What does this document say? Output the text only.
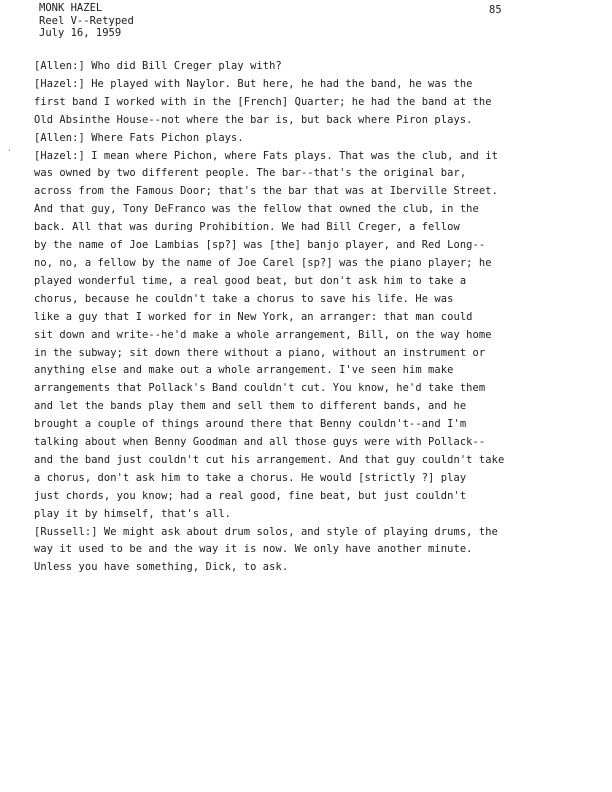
MONK HAZEL
Reel V--Retyped
July 16, 1959
85
·
[Allen:] Who did Bill Creger play with?
[Hazel:] He played with Naylor. But here, he had the band, he was the
first band I worked with in the [French] Quarter; he had the band at the
Old Absinthe House--not where the bar is, but back where Piron plays.
[Allen:] Where Fats Pichon plays.
[Hazel:] I mean where Pichon, where Fats plays. That was the club, and it
was owned by two different people. The bar--that's the original bar,
across from the Famous Door; that's the bar that was at Iberville Street.
And that guy, Tony DeFranco was the fellow that owned the club, in the
back. All that was during Prohibition. We had Bill Creger, a fellow
by the name of Joe Lambias [sp?] was [the] banjo player, and Red Long--
no, no, a fellow by the name of Joe Carel [sp?] was the piano player; he
played wonderful time, a real good beat, but don't ask him to take a
chorus, because he couldn't take a chorus to save his life. He was
like a guy that I worked for in New York, an arranger: that man could
sit down and write--he'd make a whole arrangement, Bill, on the way home
in the subway; sit down there without a piano, without an instrument or
anything else and make out a whole arrangement. I've seen him make
arrangements that Pollack's Band couldn't cut. You know, he'd take them
and let the bands play them and sell them to different bands, and he
brought a couple of things around there that Benny couldn't--and I'm
talking about when Benny Goodman and all those guys were with Pollack--
and the band just couldn't cut his arrangement. And that guy couldn't take
a chorus, don't ask him to take a chorus. He would [strictly ?] play
just chords, you know; had a real good, fine beat, but just couldn't
play it by himself, that's all.
[Russell:] We might ask about drum solos, and style of playing drums, the
way it used to be and the way it is now. We only have another minute.
Unless you have something, Dick, to ask.
